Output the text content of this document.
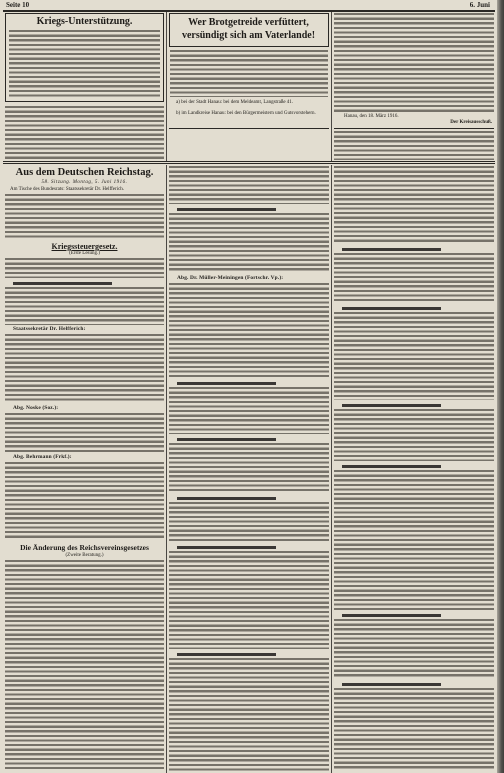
Seite 10	6. Juni
Kriegs-Unterstützung.	Wer Brotgetreide verfüttert,
versündigt sich am Vaterlande!
a) bei der Stadt Hanau: bei dem Meldeamt, Langstraße 41.
b) im Landkreise Hanau: bei den Bürgermeistern und Gutsvorstehern.
Hanau, den 18. März 1916.
Der Kreisausschuß.
Aus dem Deutschen Reichstag.
58. Sitzung. Montag, 5. Juni 1916.
Am Tische des Bundesrats: Staatssekretär Dr. Helfferich.
Kriegssteuergesetz.
(Erste Lesung.)
Staatssekretär Dr. Helfferich:
Abg. Noske (Soz.):
Abg. Behrmann (Frkf.):
Die Änderung des Reichsvereinsgesetzes
(Zweite Beratung.)
Abg. Dr. Müller-Meiningen (Fortschr. Vp.):
